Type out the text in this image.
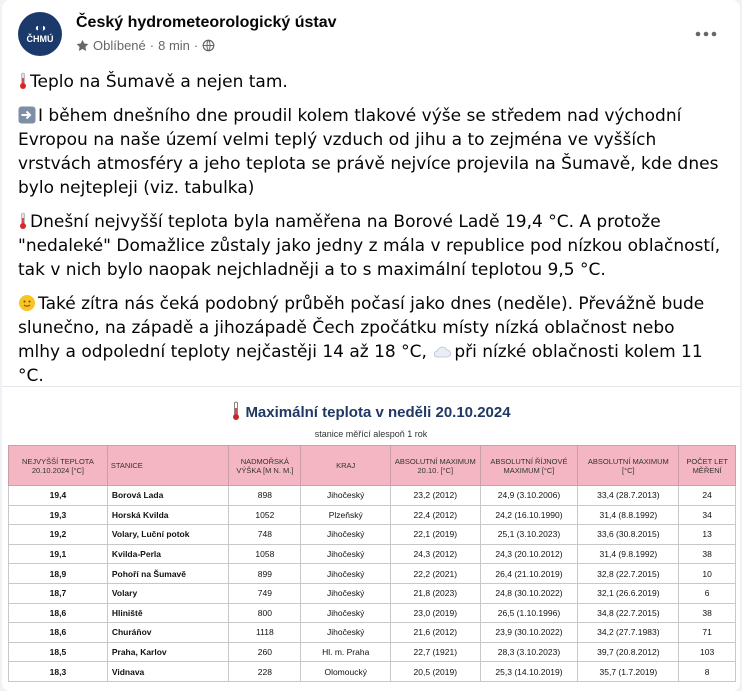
◐◑
ČHMÚ
Český hydrometeorologický ústav
Oblíbené · 8 min ·

Teplo na Šumavě a nejen tam.

I během dnešního dne proudil kolem tlakové výše se středem nad východní Evropou na naše území velmi teplý vzduch od jihu a to zejména ve vyšších vrstvách atmosféry a jeho teplota se právě nejvíce projevila na Šumavě, kde dnes bylo nejtepleji (viz. tabulka)

Dnešní nejvyšší teplota byla naměřena na Borové Ladě 19,4 °C. A protože "nedaleké" Domažlice zůstaly jako jedny z mála v republice pod nízkou oblačností, tak v nich bylo naopak nejchladněji a to s maximální teplotou 9,5 °C.

Také zítra nás čeká podobný průběh počasí jako dnes (neděle). Převážně bude slunečno, na západě a jihozápadě Čech zpočátku místy nízká oblačnost nebo mlhy a odpolední teploty nejčastěji 14 až 18 °C, při nízké oblačnosti kolem 11 °C.

Maximální teplota v neděli 20.10.2024
stanice měřící alespoň 1 rok
NEJVYŠŠÍ TEPLOTA 20.10.2024 [°C]	STANICE	NADMOŘSKÁ VÝŠKA [M N. M.]	KRAJ	ABSOLUTNÍ MAXIMUM 20.10. [°C]	ABSOLUTNÍ ŘÍJNOVÉ MAXIMUM [°C]	ABSOLUTNÍ MAXIMUM [°C]	POČET LET MĚŘENÍ
19,4	Borová Lada	898	Jihočeský	23,2 (2012)	24,9 (3.10.2006)	33,4 (28.7.2013)	24
19,3	Horská Kvilda	1052	Plzeňský	22,4 (2012)	24,2 (16.10.1990)	31,4 (8.8.1992)	34
19,2	Volary, Luční potok	748	Jihočeský	22,1 (2019)	25,1 (3.10.2023)	33,6 (30.8.2015)	13
19,1	Kvilda-Perla	1058	Jihočeský	24,3 (2012)	24,3 (20.10.2012)	31,4 (9.8.1992)	38
18,9	Pohoří na Šumavě	899	Jihočeský	22,2 (2021)	26,4 (21.10.2019)	32,8 (22.7.2015)	10
18,7	Volary	749	Jihočeský	21,8 (2023)	24,8 (30.10.2022)	32,1 (26.6.2019)	6
18,6	Hliniště	800	Jihočeský	23,0 (2019)	26,5 (1.10.1996)	34,8 (22.7.2015)	38
18,6	Churáňov	1118	Jihočeský	21,6 (2012)	23,9 (30.10.2022)	34,2 (27.7.1983)	71
18,5	Praha, Karlov	260	Hl. m. Praha	22,7 (1921)	28,3 (3.10.2023)	39,7 (20.8.2012)	103
18,3	Vidnava	228	Olomoucký	20,5 (2019)	25,3 (14.10.2019)	35,7 (1.7.2019)	8
